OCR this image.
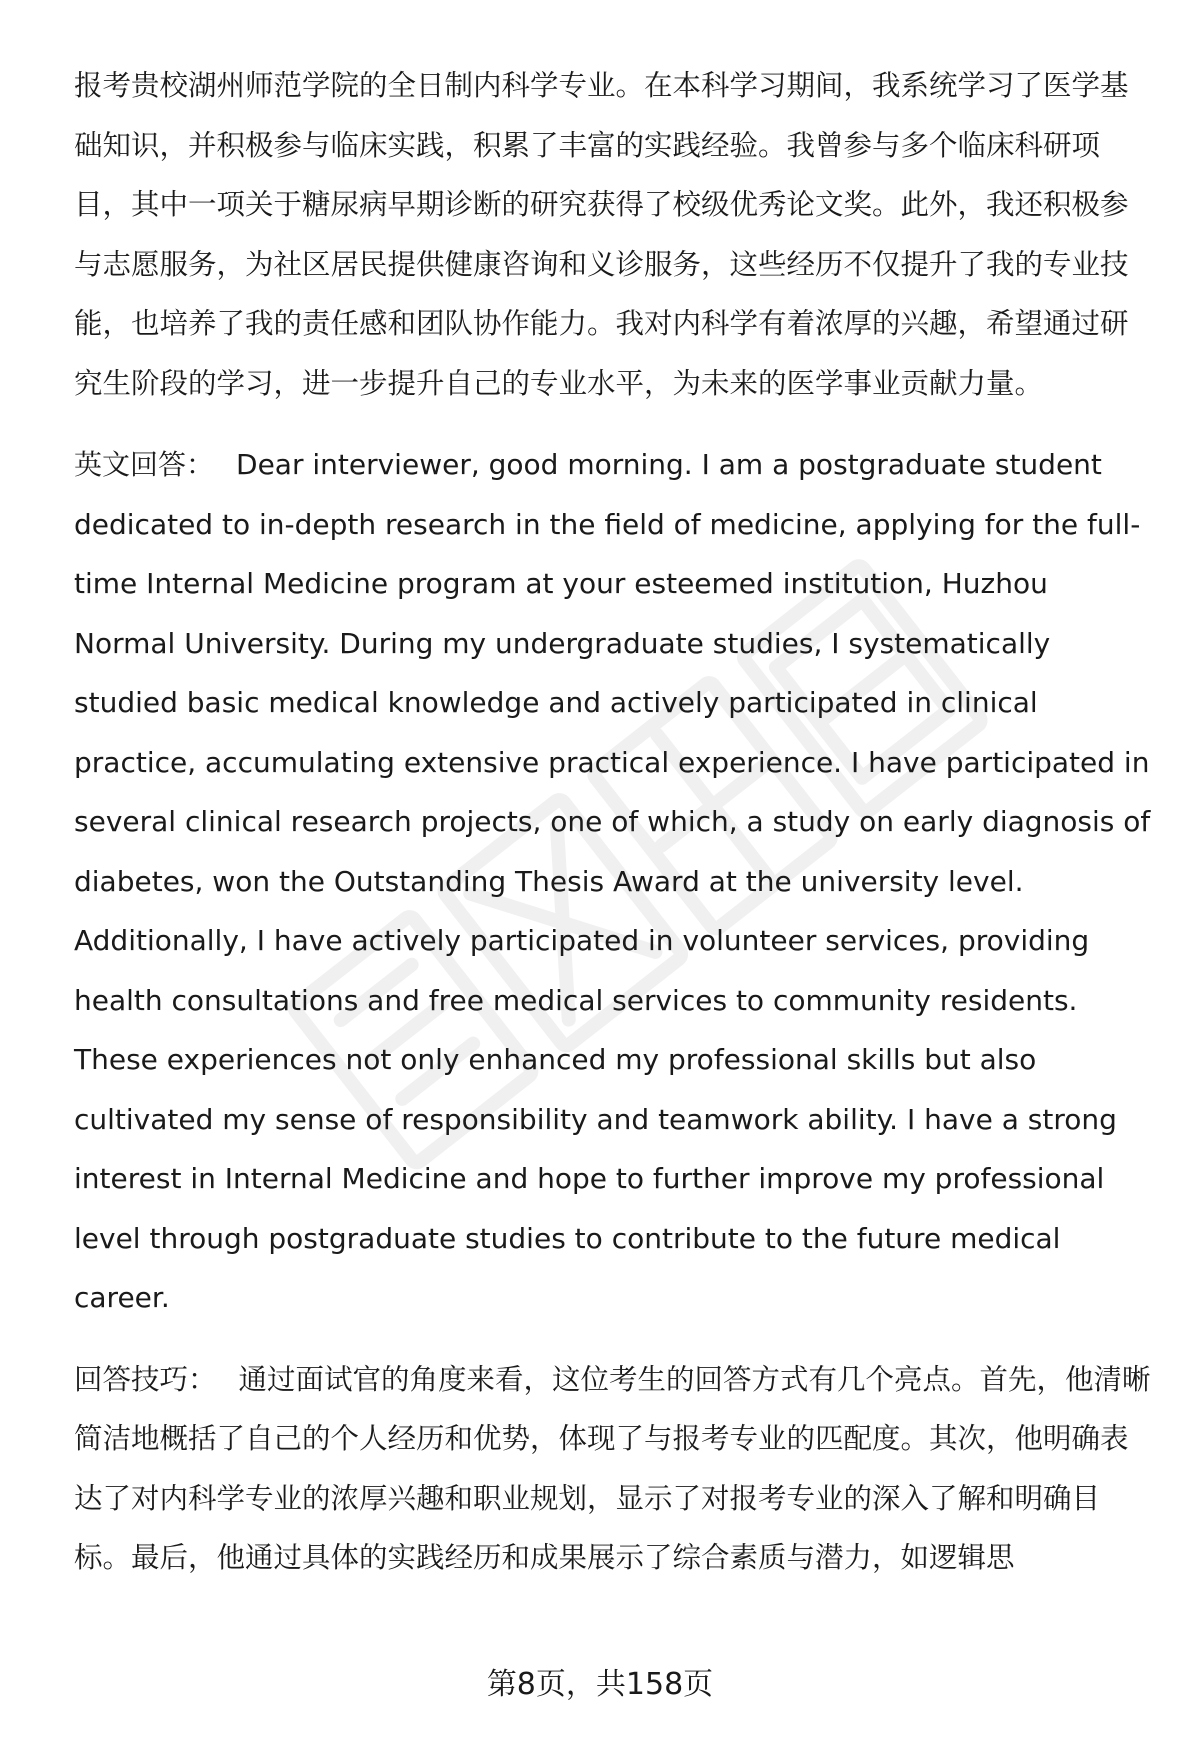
报考贵校湖州师范学院的全日制内科学专业。在本科学习期间，我系统学习了医学基础知识，并积极参与临床实践，积累了丰富的实践经验。我曾参与多个临床科研项目，其中一项关于糖尿病早期诊断的研究获得了校级优秀论文奖。此外，我还积极参与志愿服务，为社区居民提供健康咨询和义诊服务，这些经历不仅提升了我的专业技能，也培养了我的责任感和团队协作能力。我对内科学有着浓厚的兴趣，希望通过研究生阶段的学习，进一步提升自己的专业水平，为未来的医学事业贡献力量。

英文回答： Dear interviewer, good morning. I am a postgraduate student dedicated to in-depth research in the field of medicine, applying for the full-time Internal Medicine program at your esteemed institution, Huzhou Normal University. During my undergraduate studies, I systematically studied basic medical knowledge and actively participated in clinical practice, accumulating extensive practical experience. I have participated in several clinical research projects, one of which, a study on early diagnosis of diabetes, won the Outstanding Thesis Award at the university level. Additionally, I have actively participated in volunteer services, providing health consultations and free medical services to community residents. These experiences not only enhanced my professional skills but also cultivated my sense of responsibility and teamwork ability. I have a strong interest in Internal Medicine and hope to further improve my professional level through postgraduate studies to contribute to the future medical career.

回答技巧： 通过面试官的角度来看，这位考生的回答方式有几个亮点。首先，他清晰简洁地概括了自己的个人经历和优势，体现了与报考专业的匹配度。其次，他明确表达了对内科学专业的浓厚兴趣和职业规划，显示了对报考专业的深入了解和明确目标。最后，他通过具体的实践经历和成果展示了综合素质与潜力，如逻辑思

第8页，共158页
